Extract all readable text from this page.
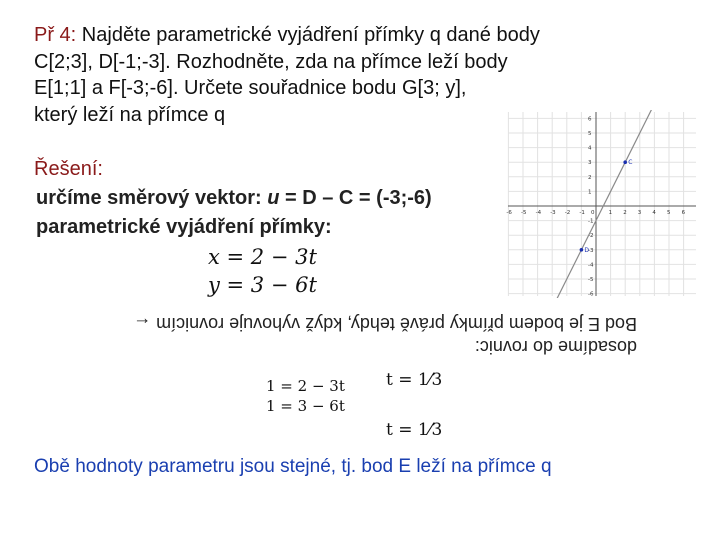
Př 4: Najděte parametrické vyjádření přímky q dané body
C[2;3], D[-1;-3]. Rozhodněte, zda na přímce leží body
E[1;1] a F[-3;-6]. Určete souřadnice bodu G[3; y],
který leží na přímce q
-6 -5 -4 -3 -2 -1 0	1 2 3 4 5 6
6
5
4
3
2
1
-1
-2
-3
-4
-5
-6
C
D
Řešení:
určíme směrový vektor: u = D – C = (-3;-6)
parametrické vyjádření přímky:
x = 2 − 3t
y = 3 − 6t
dosadíme do rovnic:
Bod E je bodem přímky právě tehdy, když vyhovuje rovnicím ←
1 = 2 − 3t
1 = 3 − 6t
t = 1⁄3
t = 1⁄3
Obě hodnoty parametru jsou stejné, tj. bod E leží na přímce q
